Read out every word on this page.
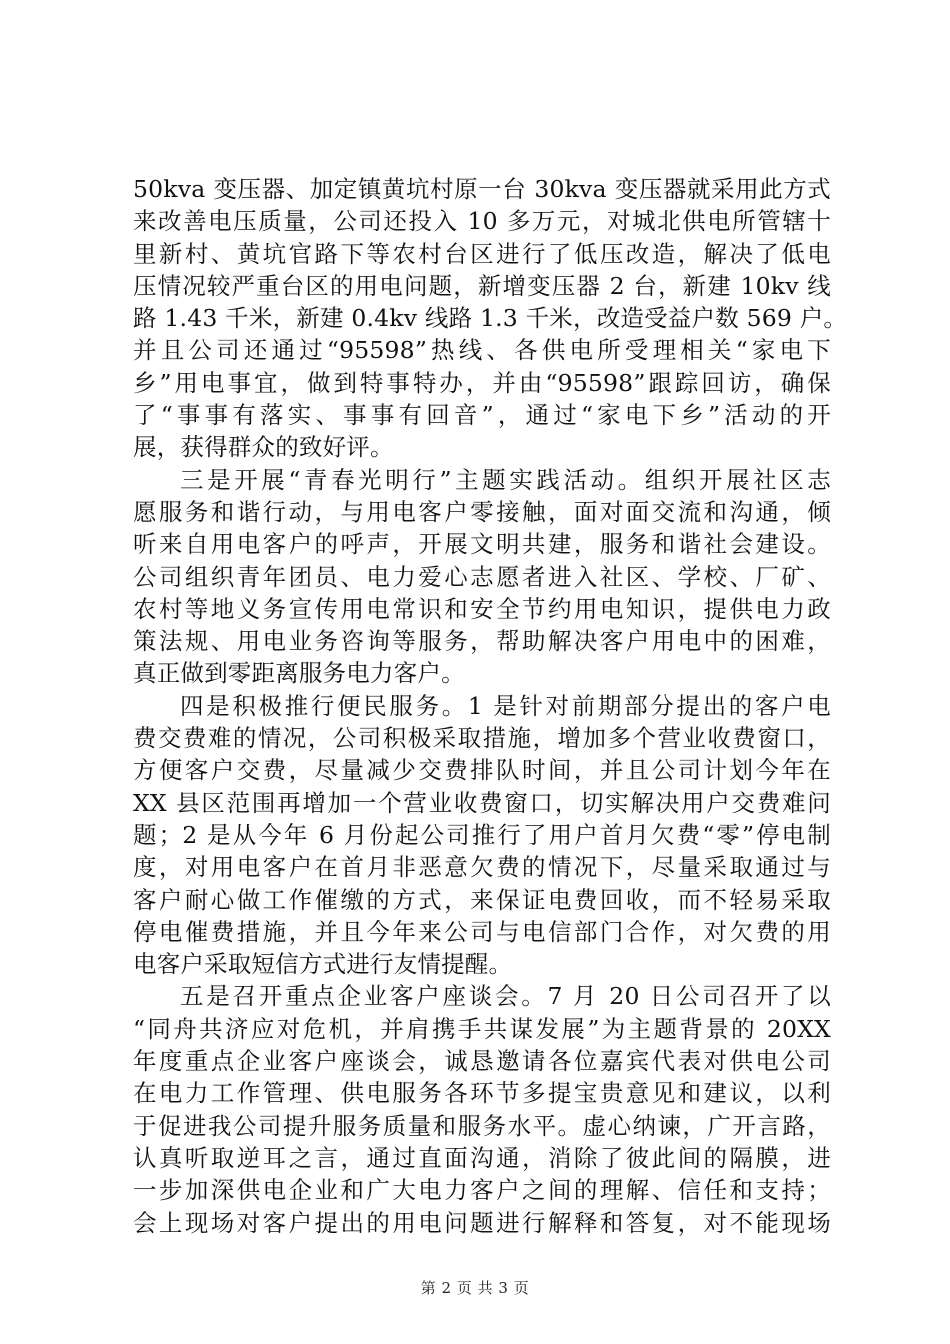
50kva 变压器、加定镇黄坑村原一台 30kva 变压器就采用此方式
来改善电压质量，公司还投入 10 多万元，对城北供电所管辖十
里新村、黄坑官路下等农村台区进行了低压改造，解决了低电
压情况较严重台区的用电问题，新增变压器 2 台，新建 10kv 线
路 1.43 千米，新建 0.4kv 线路 1.3 千米，改造受益户数 569 户。
并且公司还通过“95598”热线、各供电所受理相关“家电下
乡”用电事宜，做到特事特办，并由“95598”跟踪回访，确保
了“事事有落实、事事有回音”，通过“家电下乡”活动的开
展，获得群众的致好评。
三是开展“青春光明行”主题实践活动。组织开展社区志
愿服务和谐行动，与用电客户零接触，面对面交流和沟通，倾
听来自用电客户的呼声，开展文明共建，服务和谐社会建设。
公司组织青年团员、电力爱心志愿者进入社区、学校、厂矿、
农村等地义务宣传用电常识和安全节约用电知识，提供电力政
策法规、用电业务咨询等服务，帮助解决客户用电中的困难，
真正做到零距离服务电力客户。
四是积极推行便民服务。1 是针对前期部分提出的客户电
费交费难的情况，公司积极采取措施，增加多个营业收费窗口，
方便客户交费，尽量减少交费排队时间，并且公司计划今年在
XX 县区范围再增加一个营业收费窗口，切实解决用户交费难问
题；2 是从今年 6 月份起公司推行了用户首月欠费“零”停电制
度，对用电客户在首月非恶意欠费的情况下，尽量采取通过与
客户耐心做工作催缴的方式，来保证电费回收，而不轻易采取
停电催费措施，并且今年来公司与电信部门合作，对欠费的用
电客户采取短信方式进行友情提醒。
五是召开重点企业客户座谈会。7 月 20 日公司召开了以
“同舟共济应对危机，并肩携手共谋发展”为主题背景的 20XX
年度重点企业客户座谈会，诚恳邀请各位嘉宾代表对供电公司
在电力工作管理、供电服务各环节多提宝贵意见和建议，以利
于促进我公司提升服务质量和服务水平。虚心纳谏，广开言路，
认真听取逆耳之言，通过直面沟通，消除了彼此间的隔膜，进
一步加深供电企业和广大电力客户之间的理解、信任和支持；
会上现场对客户提出的用电问题进行解释和答复，对不能现场
第 2 页 共 3 页
